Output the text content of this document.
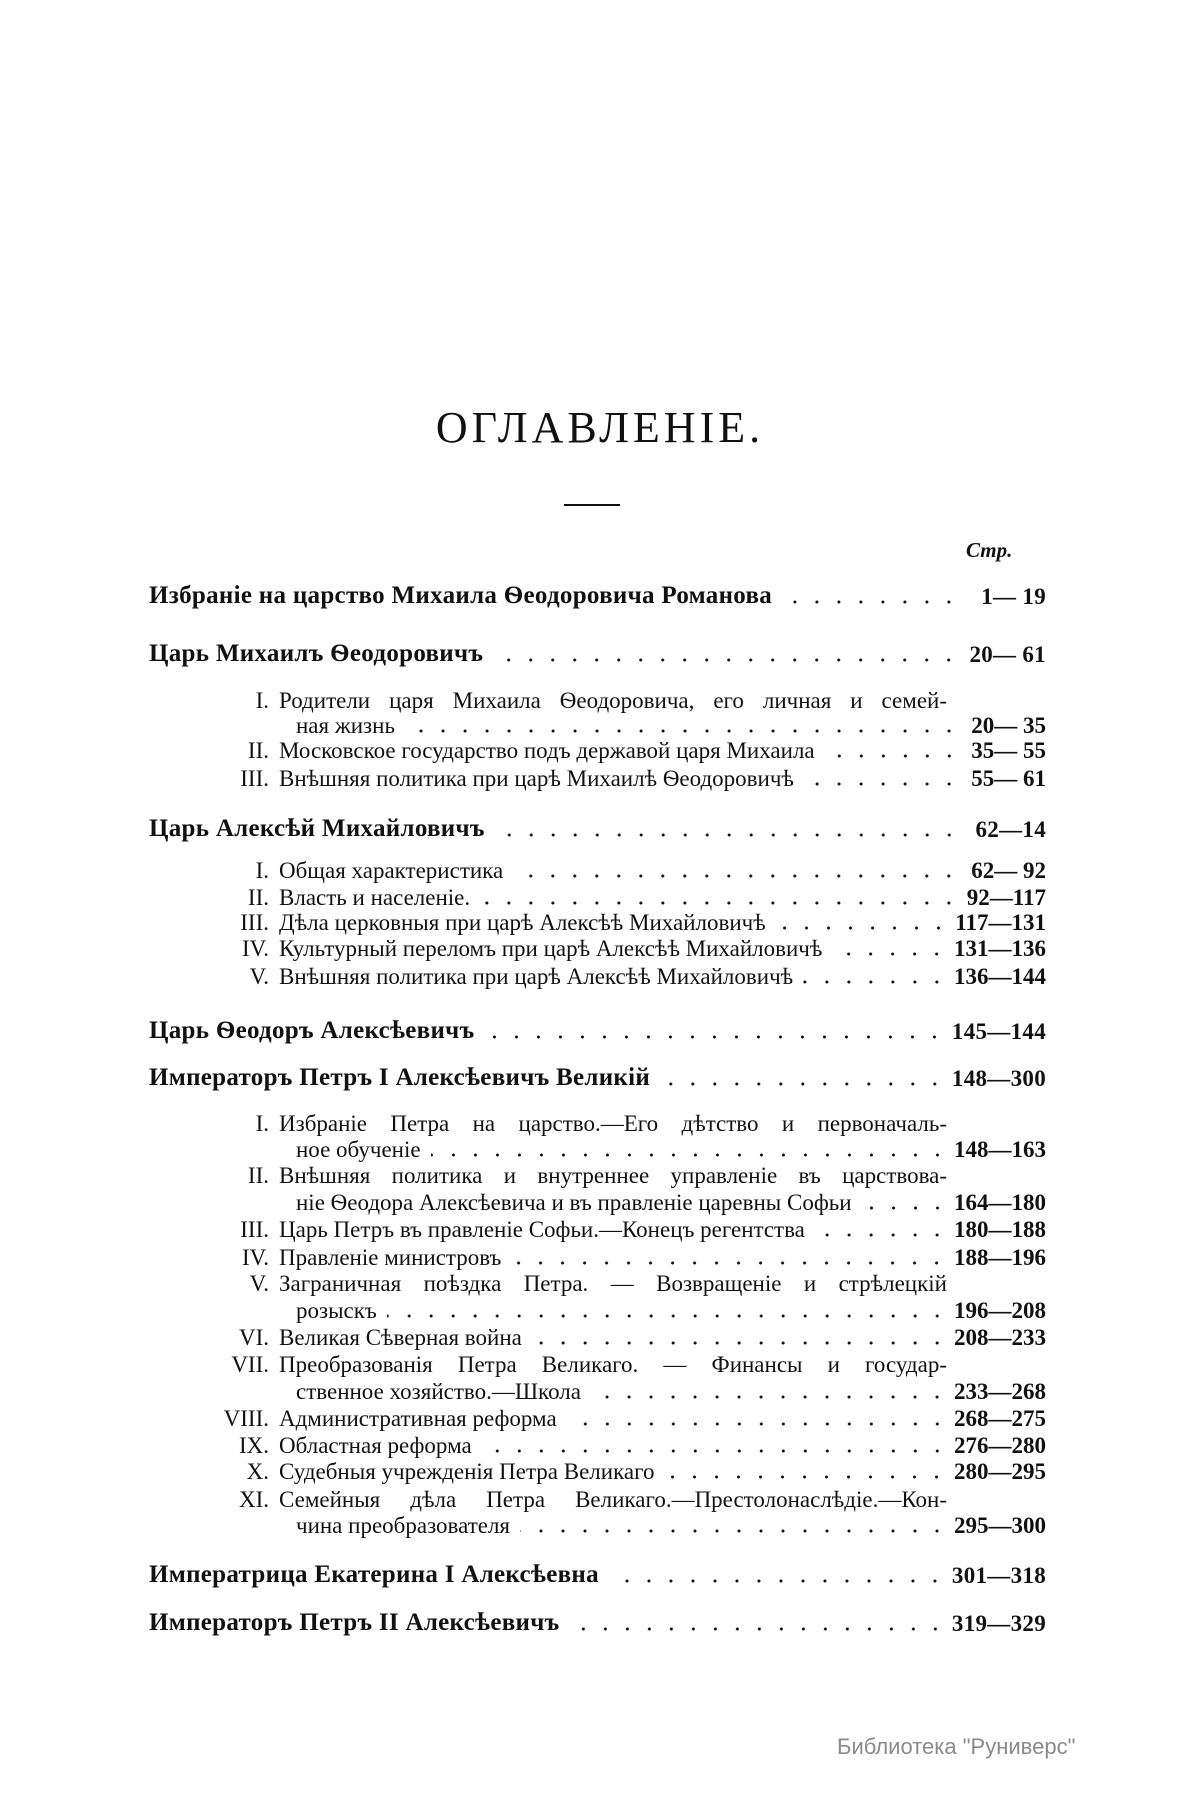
ОГЛАВЛЕНІЕ.
Стр.
Избраніе на царство Михаила Ѳеодоровича Романова	1— 19
Царь Михаилъ Ѳеодоровичъ	20— 61
I. Родители царя Михаила Ѳеодоровича, его личная и семей-
ная жизнь	20— 35
II. Московское государство подъ державой царя Михаила	35— 55
III. Внѣшняя политика при царѣ Михаилѣ Ѳеодоровичѣ	55— 61
Царь Алексѣй Михайловичъ	62—14
I. Общая характеристика	62— 92
II. Власть и населеніе.	92—117
III. Дѣла церковныя при царѣ Алексѣѣ Михайловичѣ	117—131
IV. Культурный переломъ при царѣ Алексѣѣ Михайловичѣ	131—136
V. Внѣшняя политика при царѣ Алексѣѣ Михайловичѣ	136—144
Царь Ѳеодоръ Алексѣевичъ	145—144
Императоръ Петръ I Алексѣевичъ Великій	148—300
I. Избраніе Петра на царство.—Его дѣтство и первоначаль-
ное обученіе	148—163
II. Внѣшняя политика и внутреннее управленіе въ царствова-
ніе Ѳеодора Алексѣевича и въ правленіе царевны Софьи	164—180
III. Царь Петръ въ правленіе Софьи.—Конецъ регентства	180—188
IV. Правленіе министровъ	188—196
V. Заграничная поѣздка Петра. — Возвращеніе и стрѣлецкій
розыскъ	196—208
VI. Великая Сѣверная война	208—233
VII. Преобразованія Петра Великаго. — Финансы и государ-
ственное хозяйство.—Школа	233—268
VIII. Административная реформа	268—275
IX. Областная реформа	276—280
X. Судебныя учрежденія Петра Великаго	280—295
XI. Семейныя дѣла Петра Великаго.—Престолонаслѣдіе.—Кон-
чина преобразователя	295—300
Императрица Екатерина I Алексѣевна	301—318
Императоръ Петръ II Алексѣевичъ	319—329
Библиотека "Руниверс"
